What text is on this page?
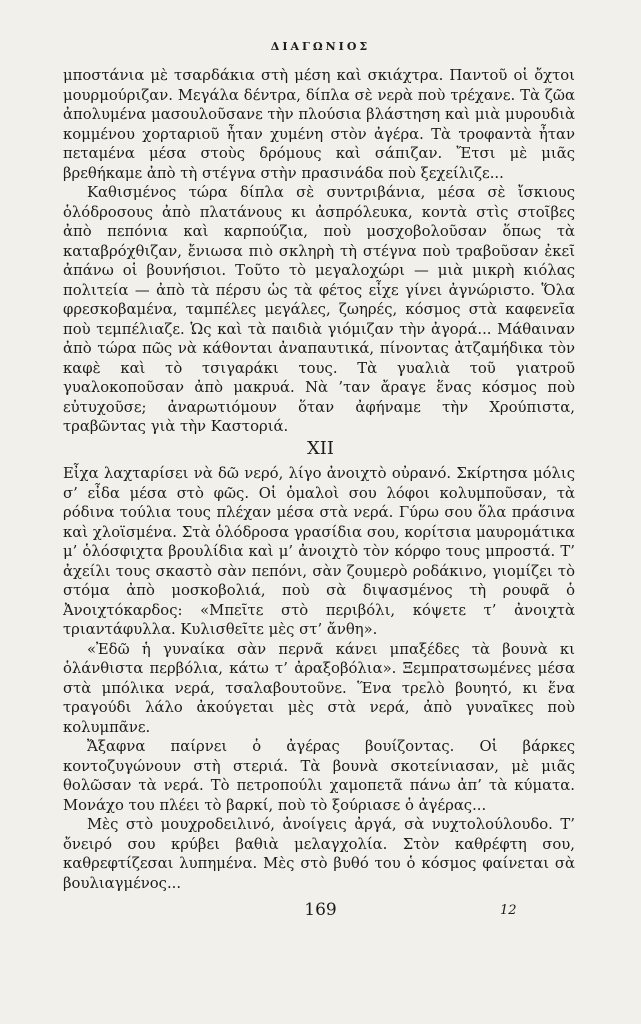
ΔΙΑΓΩΝΙΟΣ

μποστάνια μὲ τσαρδάκια στὴ μέση καὶ σκιάχτρα. Παντοῦ οἱ ὄχτοι μουρμούριζαν. Μεγάλα δέντρα, δίπλα σὲ νερὰ ποὺ τρέχανε. Τὰ ζῶα ἀπολυμένα μασουλοῦσανε τὴν πλούσια βλάστηση καὶ μιὰ μυρουδιὰ κομμένου χορταριοῦ ἦταν χυμένη στὸν ἀγέρα. Τὰ τροφαντὰ ἦταν πεταμένα μέσα στοὺς δρόμους καὶ σάπιζαν. Ἔτσι μὲ μιᾶς βρεθήκαμε ἀπὸ τὴ στέγνα στὴν πρασινάδα ποὺ ξεχείλιζε...

Καθισμένος τώρα δίπλα σὲ συντριβάνια, μέσα σὲ ἴσκιους ὁλόδροσους ἀπὸ πλατάνους κι ἀσπρόλευκα, κοντὰ στὶς στοῖβες ἀπὸ πεπόνια καὶ καρπούζια, ποὺ μοσχοβολοῦσαν ὅπως τὰ καταβρόχθιζαν, ἔνιωσα πιὸ σκληρὴ τὴ στέγνα ποὺ τραβοῦσαν ἐκεῖ ἀπάνω οἱ βουνήσιοι. Τοῦτο τὸ μεγαλοχώρι — μιὰ μικρὴ κιόλας πολιτεία — ἀπὸ τὰ πέρσυ ὡς τὰ φέτος εἶχε γίνει ἀγνώριστο. Ὅλα φρεσκοβαμένα, ταμπέλες μεγάλες, ζωηρές, κόσμος στὰ καφενεῖα ποὺ τεμπέλιαζε. Ὡς καὶ τὰ παιδιὰ γιόμιζαν τὴν ἀγορά... Μάθαιναν ἀπὸ τώρα πῶς νὰ κάθονται ἀναπαυτικά, πίνοντας ἀτζαμήδικα τὸν καφὲ καὶ τὸ τσιγαράκι τους. Τὰ γυαλιὰ τοῦ γιατροῦ γυαλοκοποῦσαν ἀπὸ μακρυά. Νὰ ’ταν ἄραγε ἕνας κόσμος ποὺ εὐτυχοῦσε; ἀναρωτιόμουν ὅταν ἀφήναμε τὴν Χρούπιστα, τραβῶντας γιὰ τὴν Καστοριά.

XII

Εἶχα λαχταρίσει νὰ δῶ νερό, λίγο ἀνοιχτὸ οὐρανό. Σκίρτησα μόλις σ’ εἶδα μέσα στὸ φῶς. Οἱ ὁμαλοὶ σου λόφοι κολυμποῦσαν, τὰ ρόδινα τούλια τους πλέχαν μέσα στὰ νερά. Γύρω σου ὅλα πράσινα καὶ χλοϊσμένα. Στὰ ὁλόδροσα γρασίδια σου, κορίτσια μαυρομάτικα μ’ ὁλόσφιχτα βρουλίδια καὶ μ’ ἀνοιχτὸ τὸν κόρφο τους μπροστά. Τ’ ἀχείλι τους σκαστὸ σὰν πεπόνι, σὰν ζουμερὸ ροδάκινο, γιομίζει τὸ στόμα ἀπὸ μοσκοβολιά, ποὺ σὰ διψασμένος τὴ ρουφᾶ ὁ Ἀνοιχτόκαρδος: «Μπεῖτε στὸ περιβόλι, κόψετε τ’ ἀνοιχτὰ τριαντάφυλλα. Κυλισθεῖτε μὲς στ’ ἄνθη».

«Ἐδῶ ἡ γυναίκα σὰν περνᾶ κάνει μπαξέδες τὰ βουνὰ κι ὁλάνθιστα περβόλια, κάτω τ’ ἀραξοβόλια». Ξεμπρατσωμένες μέσα στὰ μπόλικα νερά, τσαλαβουτοῦνε. Ἕνα τρελὸ βουητό, κι ἕνα τραγούδι λάλο ἀκούγεται μὲς στὰ νερά, ἀπὸ γυναῖκες ποὺ κολυμπᾶνε.

Ἄξαφνα παίρνει ὁ ἀγέρας βουίζοντας. Οἱ βάρκες κοντοζυγώνουν στὴ στεριά. Τὰ βουνὰ σκοτείνιασαν, μὲ μιᾶς θολῶσαν τὰ νερά. Τὸ πετροπούλι χαμοπετᾶ πάνω ἀπ’ τὰ κύματα. Μονάχο του πλέει τὸ βαρκί, ποὺ τὸ ξούριασε ὁ ἀγέρας...

Μὲς στὸ μουχροδειλινό, ἀνοίγεις ἀργά, σὰ νυχτολούλουδο. Τ’ ὄνειρό σου κρύβει βαθιὰ μελαγχολία. Στὸν καθρέφτη σου, καθρεφτίζεσαι λυπημένα. Μὲς στὸ βυθό του ὁ κόσμος φαίνεται σὰ βουλιαγμένος...

169	12
